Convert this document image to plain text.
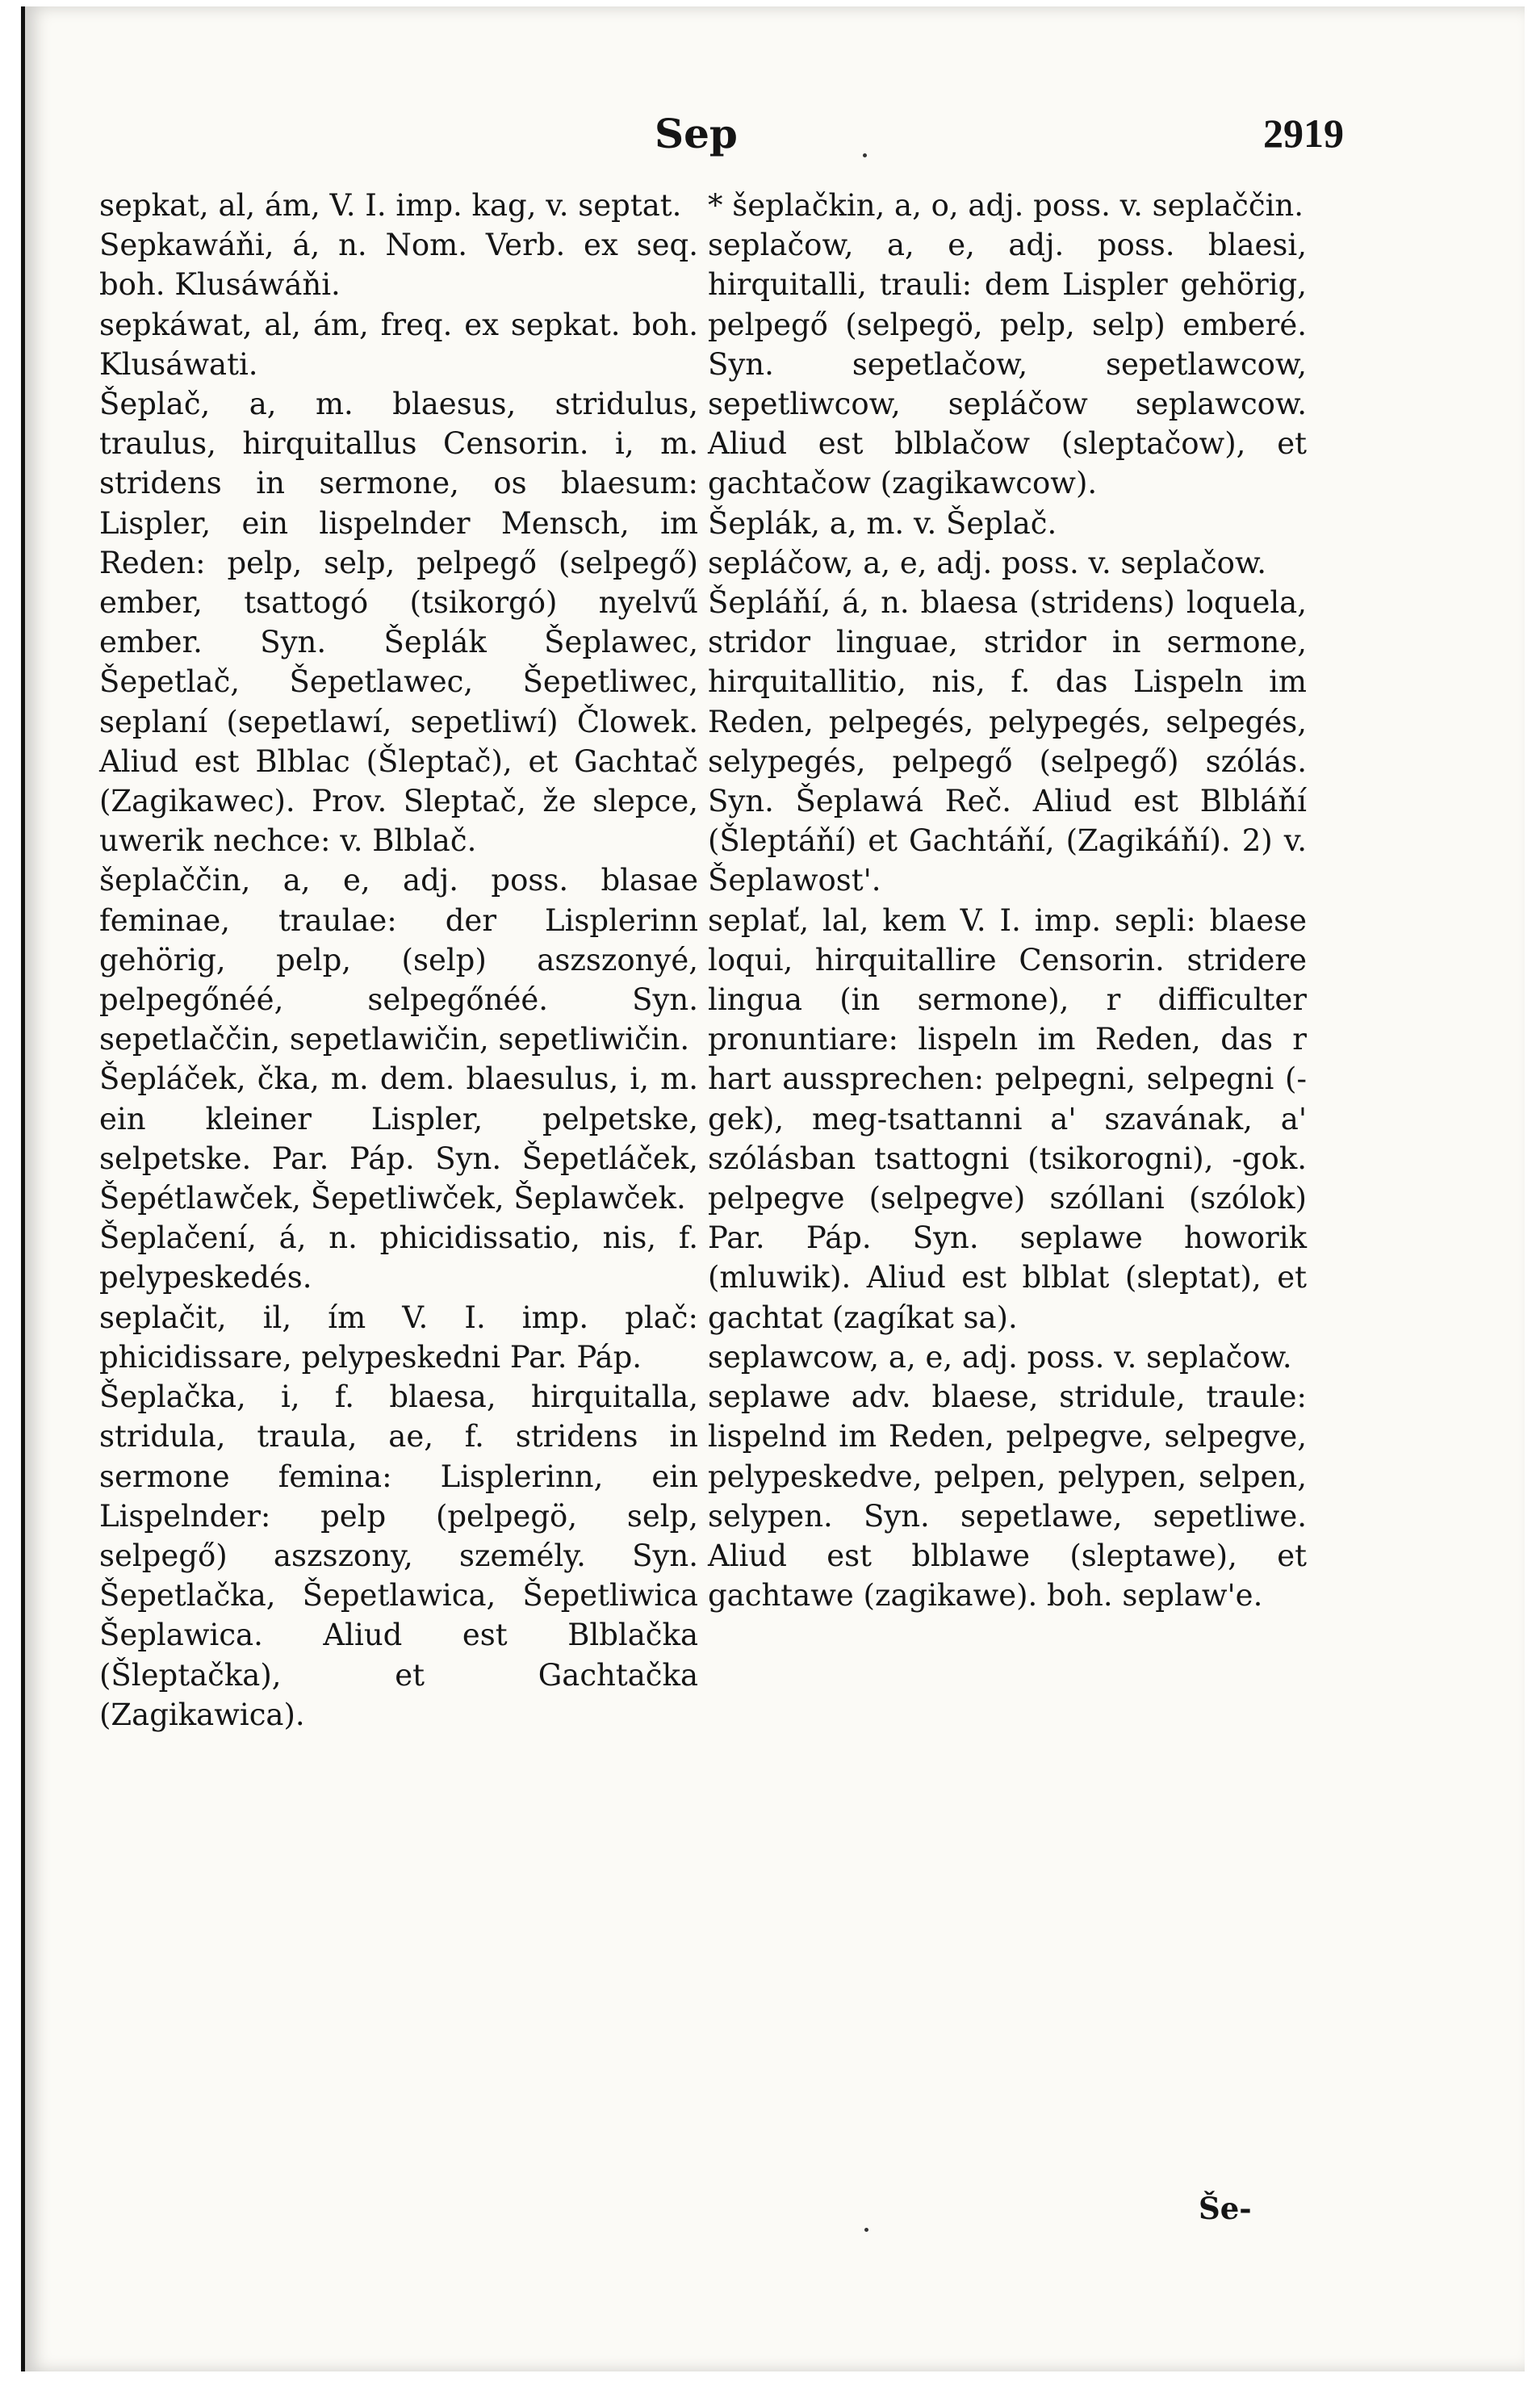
Sep	2919

sepkat, al, ám, V. I. imp. kag, v. septat.

Sepkawáňi, á, n. Nom. Verb. ex seq. boh. Klusáwáňi.

sepkáwat, al, ám, freq. ex sepkat. boh. Klusáwati.

Šeplač, a, m. blaesus, stridulus, traulus, hirquitallus Censorin. i, m. stridens in sermone, os blaesum: Lispler, ein lispelnder Mensch, im Reden: pelp, selp, pelpegő (selpegő) ember, tsattogó (tsikorgó) nyelvű ember. Syn. Šeplák Šeplawec, Šepetlač, Šepetlawec, Šepetliwec, seplaní (sepetlawí, sepetliwí) Člowek. Aliud est Blblac (Šleptač), et Gachtač (Zagikawec). Prov. Sleptač, že slepce, uwerik nechce: v. Blblač.

šeplaččin, a, e, adj. poss. blasae feminae, traulae: der Lisplerinn gehörig, pelp, (selp) aszszonyé, pelpegőnéé, selpegőnéé. Syn. sepetlaččin, sepetlawičin, sepetliwičin.

Šepláček, čka, m. dem. blaesulus, i, m. ein kleiner Lispler, pelpetske, selpetske. Par. Páp. Syn. Šepetláček, Šepétlawček, Šepetliwček, Šeplawček.

Šeplačení, á, n. phicidissatio, nis, f. pelypeskedés.

seplačit, il, ím V. I. imp. plač: phicidissare, pelypeskedni Par. Páp.

Šeplačka, i, f. blaesa, hirquitalla, stridula, traula, ae, f. stridens in sermone femina: Lisplerinn, ein Lispelnder: pelp (pelpegö, selp, selpegő) aszszony, személy. Syn. Šepetlačka, Šepetlawica, Šepetliwica Šeplawica. Aliud est Blblačka (Šleptačka), et Gachtačka (Zagikawica).

* šeplačkin, a, o, adj. poss. v. seplaččin.

seplačow, a, e, adj. poss. blaesi, hirquitalli, trauli: dem Lispler gehörig, pelpegő (selpegö, pelp, selp) emberé. Syn. sepetlačow, sepetlawcow, sepetliwcow, sepláčow seplawcow. Aliud est blblačow (sleptačow), et gachtačow (zagikawcow).

Šeplák, a, m. v. Šeplač.

sepláčow, a, e, adj. poss. v. seplačow.

Šepláňí, á, n. blaesa (stridens) loquela, stridor linguae, stridor in sermone, hirquitallitio, nis, f. das Lispeln im Reden, pelpegés, pelypegés, selpegés, selypegés, pelpegő (selpegő) szólás. Syn. Šeplawá Reč. Aliud est Blbláňí (Šleptáňí) et Gachtáňí, (Zagikáňí). 2) v. Šeplawost'.

seplať, lal, kem V. I. imp. sepli: blaese loqui, hirquitallire Censorin. stridere lingua (in sermone), r difficulter pronuntiare: lispeln im Reden, das r hart aussprechen: pelpegni, selpegni (-gek), meg-tsattanni a' szavának, a' szólásban tsattogni (tsikorogni), -gok. pelpegve (selpegve) szóllani (szólok) Par. Páp. Syn. seplawe howorik (mluwik). Aliud est blblat (sleptat), et gachtat (zagíkat sa).

seplawcow, a, e, adj. poss. v. seplačow.

seplawe adv. blaese, stridule, traule: lispelnd im Reden, pelpegve, selpegve, pelypeskedve, pelpen, pelypen, selpen, selypen. Syn. sepetlawe, sepetliwe. Aliud est blblawe (sleptawe), et gachtawe (zagikawe). boh. seplaw'e.

Še-
